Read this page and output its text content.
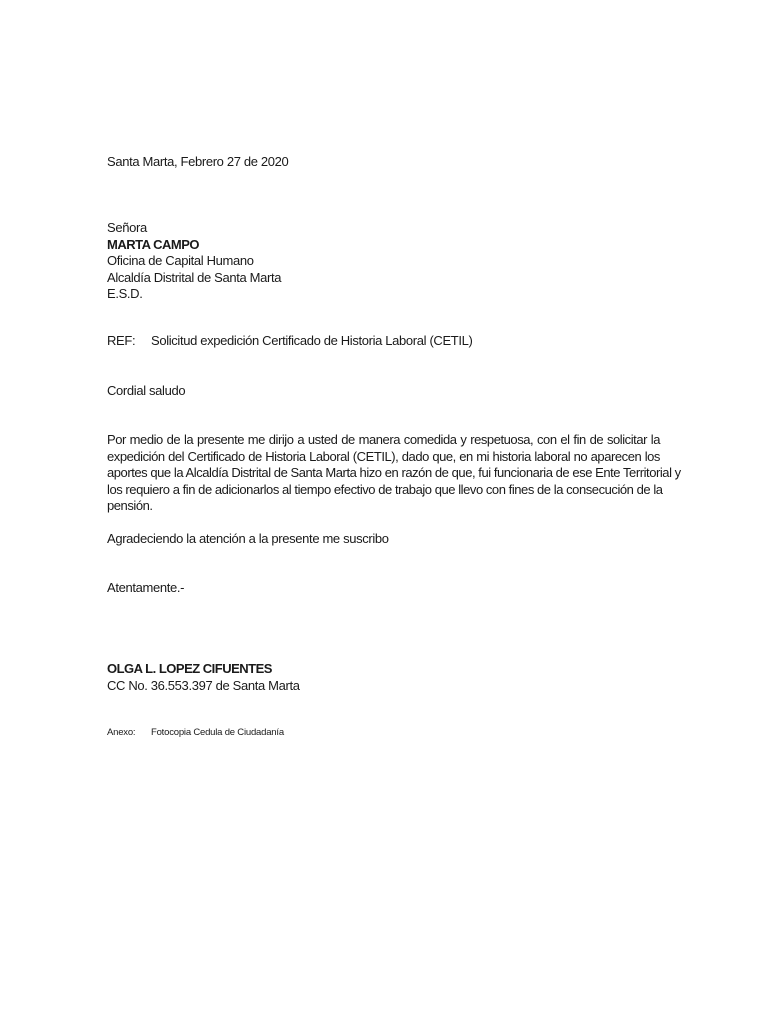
Santa Marta, Febrero 27 de 2020
Señora
MARTA CAMPO
Oficina de Capital Humano
Alcaldía Distrital de Santa Marta
E.S.D.
REF: Solicitud expedición Certificado de Historia Laboral (CETIL)
Cordial saludo
Por medio de la presente me dirijo a usted de manera comedida y respetuosa, con el fin de solicitar la
expedición del Certificado de Historia Laboral (CETIL), dado que, en mi historia laboral no aparecen los
aportes que la Alcaldía Distrital de Santa Marta hizo en razón de que, fui funcionaria de ese Ente Territorial y
los requiero a fin de adicionarlos al tiempo efectivo de trabajo que llevo con fines de la consecución de la
pensión.
Agradeciendo la atención a la presente me suscribo
Atentamente.-
OLGA L. LOPEZ CIFUENTES
CC No. 36.553.397 de Santa Marta
Anexo: Fotocopia Cedula de Ciudadanía
